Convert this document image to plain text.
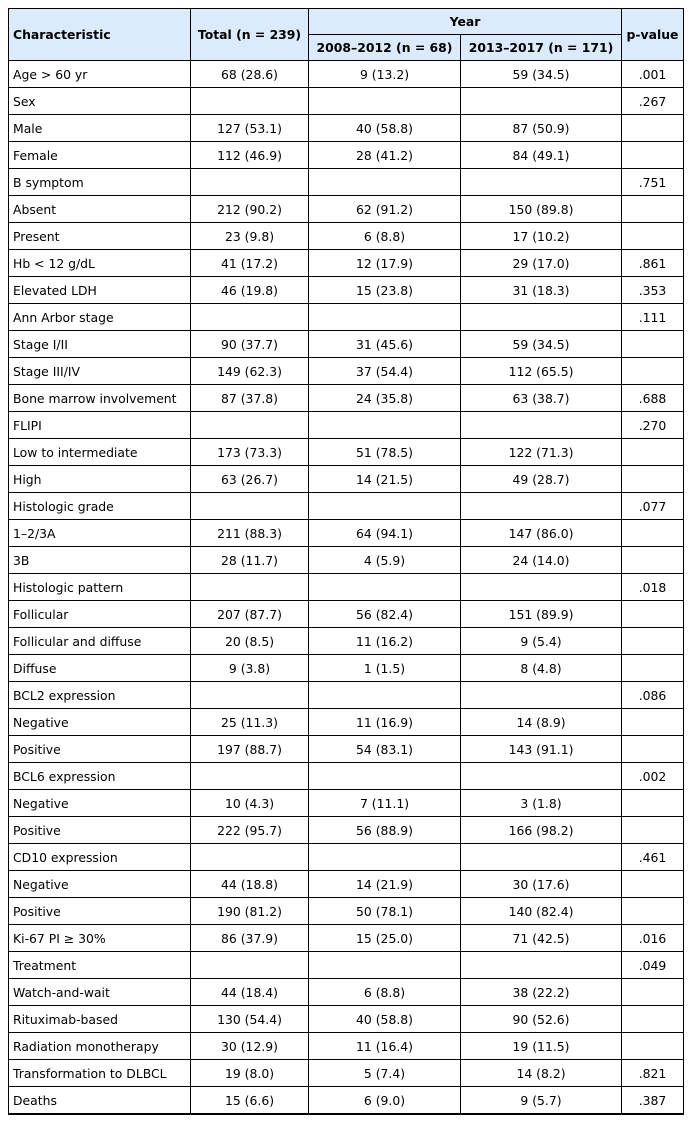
Characteristic	Total (n = 239)	Year		p-value
		2008–2012 (n = 68)	2013–2017 (n = 171)	
Age > 60 yr	68 (28.6)	9 (13.2)	59 (34.5)	.001
Sex				.267
Male	127 (53.1)	40 (58.8)	87 (50.9)	
Female	112 (46.9)	28 (41.2)	84 (49.1)	
B symptom				.751
Absent	212 (90.2)	62 (91.2)	150 (89.8)	
Present	23 (9.8)	6 (8.8)	17 (10.2)	
Hb < 12 g/dL	41 (17.2)	12 (17.9)	29 (17.0)	.861
Elevated LDH	46 (19.8)	15 (23.8)	31 (18.3)	.353
Ann Arbor stage				.111
Stage I/II	90 (37.7)	31 (45.6)	59 (34.5)	
Stage III/IV	149 (62.3)	37 (54.4)	112 (65.5)	
Bone marrow involvement	87 (37.8)	24 (35.8)	63 (38.7)	.688
FLIPI				.270
Low to intermediate	173 (73.3)	51 (78.5)	122 (71.3)	
High	63 (26.7)	14 (21.5)	49 (28.7)	
Histologic grade				.077
1–2/3A	211 (88.3)	64 (94.1)	147 (86.0)	
3B	28 (11.7)	4 (5.9)	24 (14.0)	
Histologic pattern				.018
Follicular	207 (87.7)	56 (82.4)	151 (89.9)	
Follicular and diffuse	20 (8.5)	11 (16.2)	9 (5.4)	
Diffuse	9 (3.8)	1 (1.5)	8 (4.8)	
BCL2 expression				.086
Negative	25 (11.3)	11 (16.9)	14 (8.9)	
Positive	197 (88.7)	54 (83.1)	143 (91.1)	
BCL6 expression				.002
Negative	10 (4.3)	7 (11.1)	3 (1.8)	
Positive	222 (95.7)	56 (88.9)	166 (98.2)	
CD10 expression				.461
Negative	44 (18.8)	14 (21.9)	30 (17.6)	
Positive	190 (81.2)	50 (78.1)	140 (82.4)	
Ki-67 PI ≥ 30%	86 (37.9)	15 (25.0)	71 (42.5)	.016
Treatment				.049
Watch-and-wait	44 (18.4)	6 (8.8)	38 (22.2)	
Rituximab-based	130 (54.4)	40 (58.8)	90 (52.6)	
Radiation monotherapy	30 (12.9)	11 (16.4)	19 (11.5)	
Transformation to DLBCL	19 (8.0)	5 (7.4)	14 (8.2)	.821
Deaths	15 (6.6)	6 (9.0)	9 (5.7)	.387
